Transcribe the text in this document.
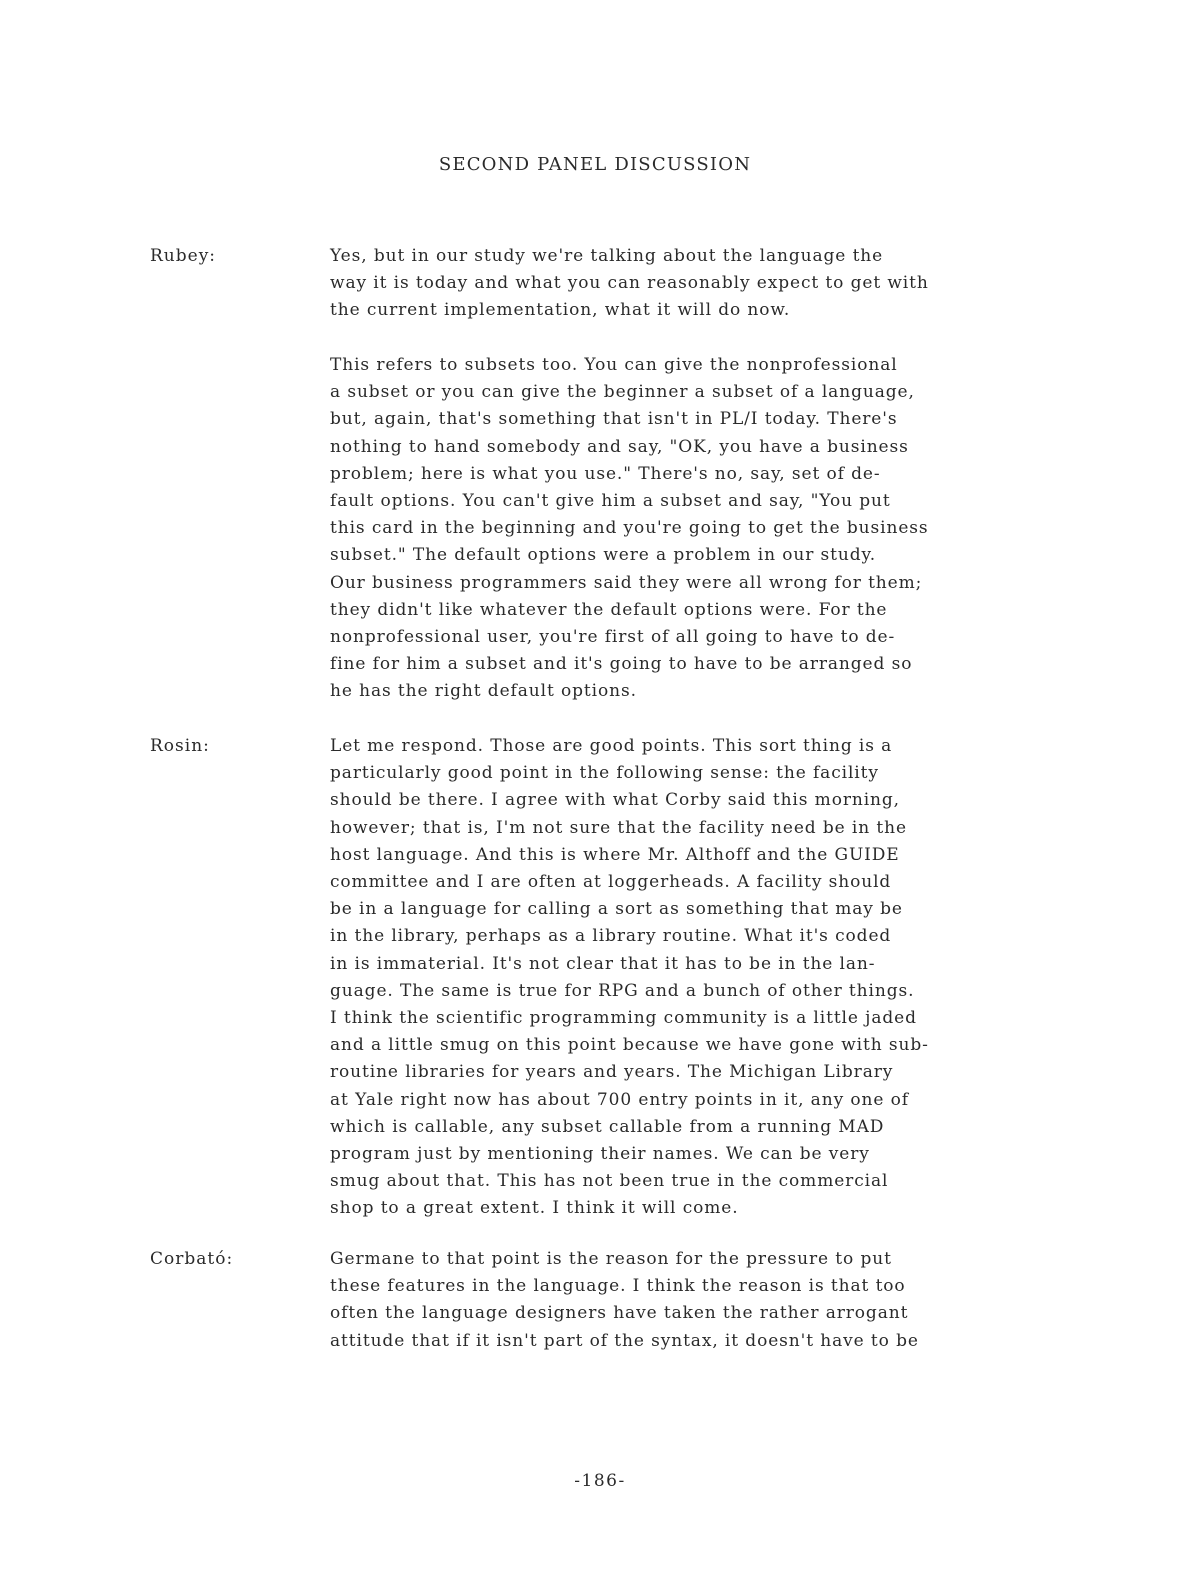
SECOND PANEL DISCUSSION
Rubey:	Yes, but in our study we're talking about the language the
way it is today and what you can reasonably expect to get with
the current implementation, what it will do now.
This refers to subsets too. You can give the nonprofessional
a subset or you can give the beginner a subset of a language,
but, again, that's something that isn't in PL/I today. There's
nothing to hand somebody and say, "OK, you have a business
problem; here is what you use." There's no, say, set of de-
fault options. You can't give him a subset and say, "You put
this card in the beginning and you're going to get the business
subset." The default options were a problem in our study.
Our business programmers said they were all wrong for them;
they didn't like whatever the default options were. For the
nonprofessional user, you're first of all going to have to de-
fine for him a subset and it's going to have to be arranged so
he has the right default options.
Rosin:	Let me respond. Those are good points. This sort thing is a
particularly good point in the following sense: the facility
should be there. I agree with what Corby said this morning,
however; that is, I'm not sure that the facility need be in the
host language. And this is where Mr. Althoff and the GUIDE
committee and I are often at loggerheads. A facility should
be in a language for calling a sort as something that may be
in the library, perhaps as a library routine. What it's coded
in is immaterial. It's not clear that it has to be in the lan-
guage. The same is true for RPG and a bunch of other things.
I think the scientific programming community is a little jaded
and a little smug on this point because we have gone with sub-
routine libraries for years and years. The Michigan Library
at Yale right now has about 700 entry points in it, any one of
which is callable, any subset callable from a running MAD
program just by mentioning their names. We can be very
smug about that. This has not been true in the commercial
shop to a great extent. I think it will come.
Corbató:	Germane to that point is the reason for the pressure to put
these features in the language. I think the reason is that too
often the language designers have taken the rather arrogant
attitude that if it isn't part of the syntax, it doesn't have to be
-186-
